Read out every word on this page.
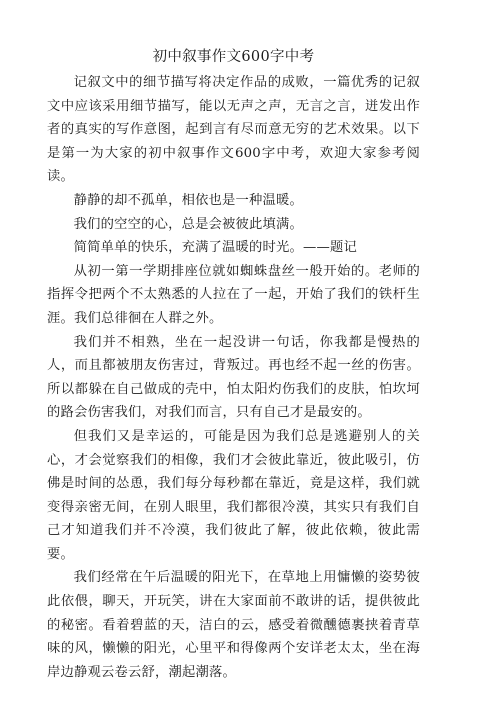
初中叙事作文600字中考

记叙文中的细节描写将决定作品的成败，一篇优秀的记叙文中应该采用细节描写，能以无声之声，无言之言，迸发出作者的真实的写作意图，起到言有尽而意无穷的艺术效果。以下是第一为大家的初中叙事作文600字中考，欢迎大家参考阅读。

静静的却不孤单，相依也是一种温暖。

我们的空空的心，总是会被彼此填满。

简简单单的快乐，充满了温暖的时光。——题记

从初一第一学期排座位就如蜘蛛盘丝一般开始的。老师的指挥令把两个不太熟悉的人拉在了一起，开始了我们的铁杆生涯。我们总徘徊在人群之外。

我们并不相熟，坐在一起没讲一句话，你我都是慢热的人，而且都被朋友伤害过，背叛过。再也经不起一丝的伤害。所以都躲在自己做成的壳中，怕太阳灼伤我们的皮肤，怕坎坷的路会伤害我们，对我们而言，只有自己才是最安的。

但我们又是幸运的，可能是因为我们总是逃避别人的关心，才会觉察我们的相像，我们才会彼此靠近，彼此吸引，仿佛是时间的怂恿，我们每分每秒都在靠近，竟是这样，我们就变得亲密无间，在别人眼里，我们都很冷漠，其实只有我们自己才知道我们并不冷漠，我们彼此了解，彼此依赖，彼此需要。

我们经常在午后温暖的阳光下，在草地上用慵懒的姿势彼此依偎，聊天，开玩笑，讲在大家面前不敢讲的话，提供彼此的秘密。看着碧蓝的天，洁白的云，感受着微醺德裹挟着青草味的风，懒懒的阳光，心里平和得像两个安详老太太，坐在海岸边静观云卷云舒，潮起潮落。
